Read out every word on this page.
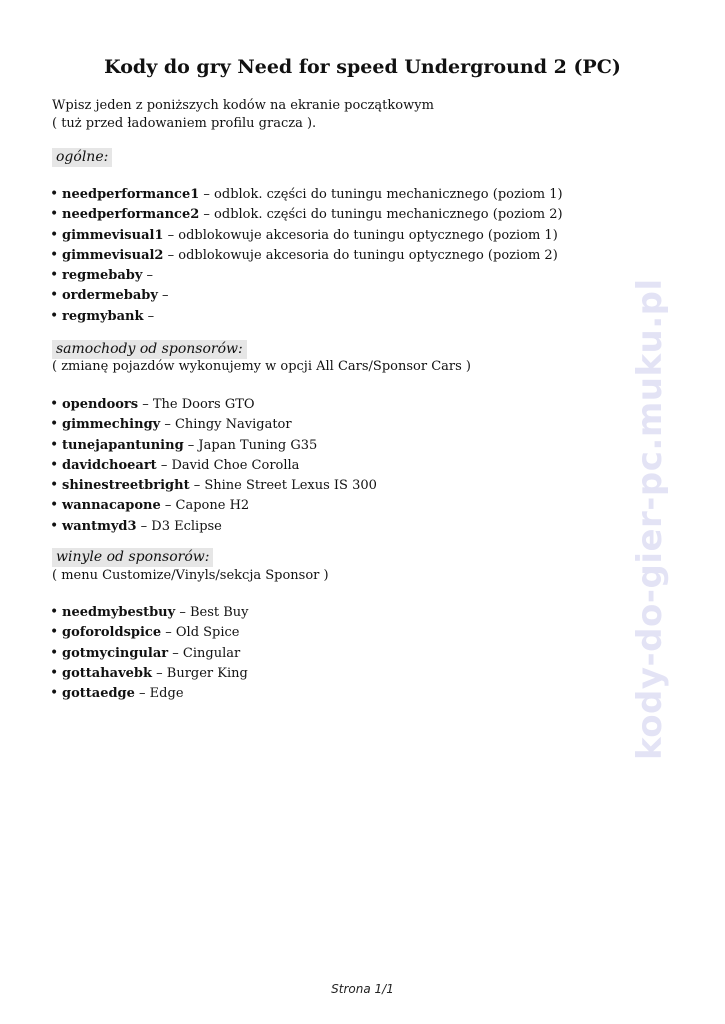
Kody do gry Need for speed Underground 2 (PC)
Wpisz jeden z poniższych kodów na ekranie początkowym
( tuż przed ładowaniem profilu gracza ).
ogólne:
• needperformance1 – odblok. części do tuningu mechanicznego (poziom 1)
• needperformance2 – odblok. części do tuningu mechanicznego (poziom 2)
• gimmevisual1 – odblokowuje akcesoria do tuningu optycznego (poziom 1)
• gimmevisual2 – odblokowuje akcesoria do tuningu optycznego (poziom 2)
• regmebaby –
• ordermebaby –
• regmybank –
samochody od sponsorów:
( zmianę pojazdów wykonujemy w opcji All Cars/Sponsor Cars )
• opendoors – The Doors GTO
• gimmechingy – Chingy Navigator
• tunejapantuning – Japan Tuning G35
• davidchoeart – David Choe Corolla
• shinestreetbright – Shine Street Lexus IS 300
• wannacapone – Capone H2
• wantmyd3 – D3 Eclipse
winyle od sponsorów:
( menu Customize/Vinyls/sekcja Sponsor )
• needmybestbuy – Best Buy
• goforoldspice – Old Spice
• gotmycingular – Cingular
• gottahavebk – Burger King
• gottaedge – Edge	kody-do-gier-pc.muku.pl
Strona 1/1
